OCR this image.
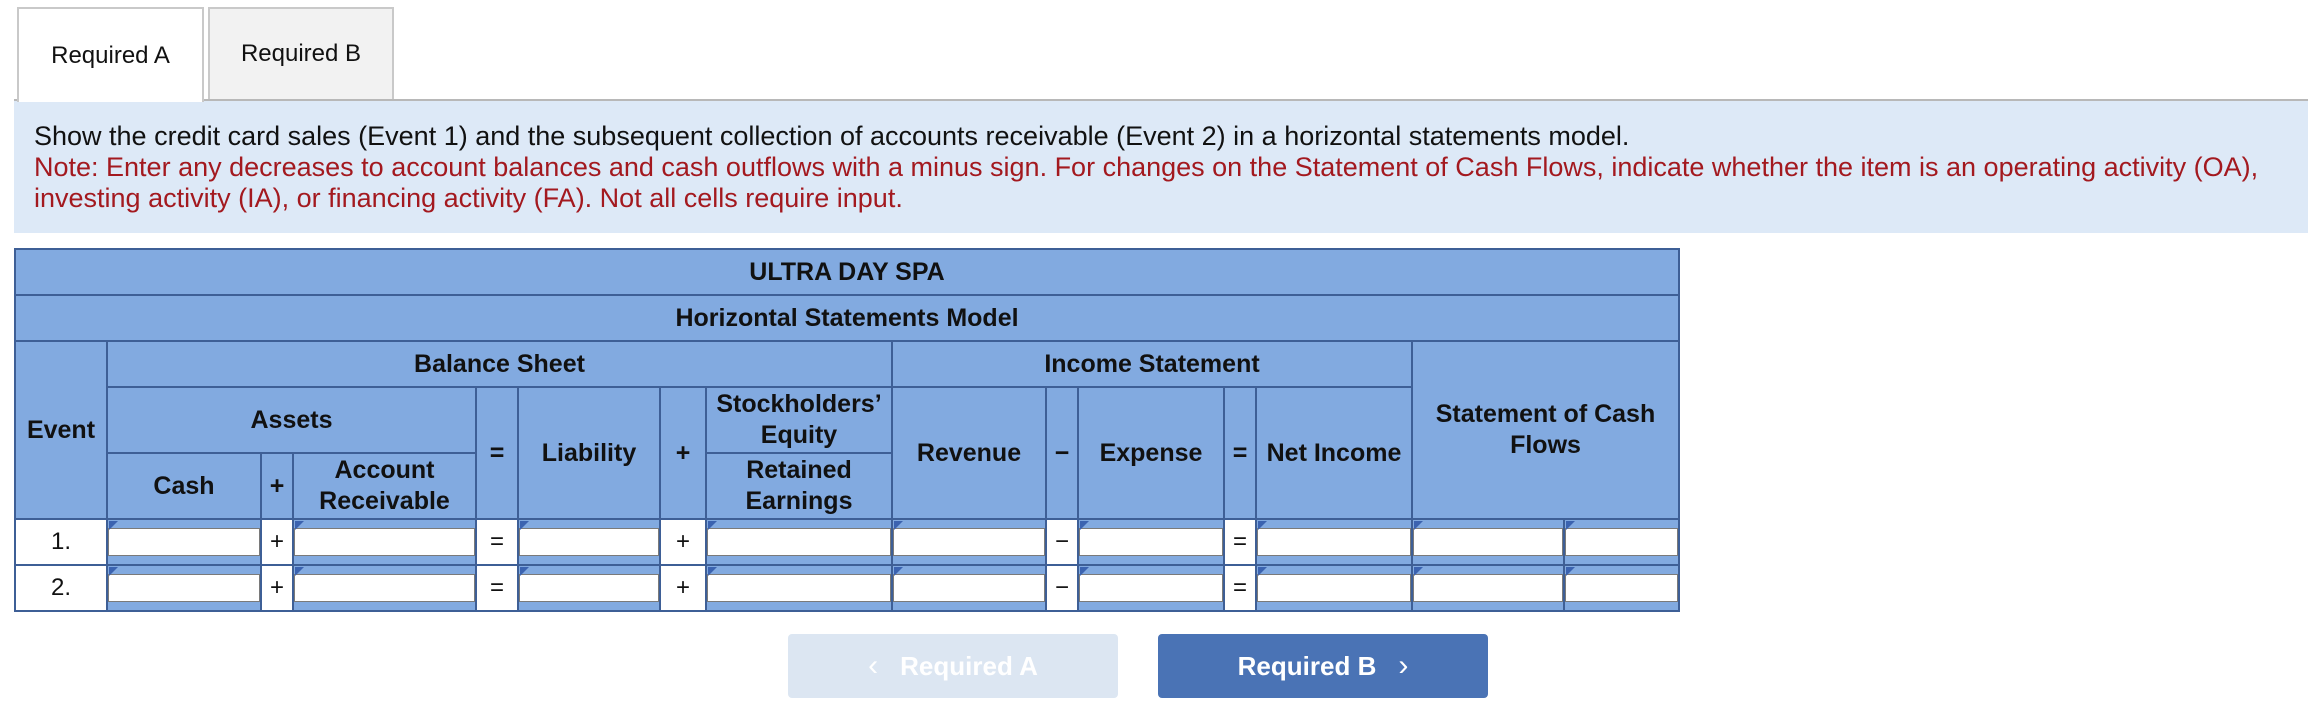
Required A	Required B
Show the credit card sales (Event 1) and the subsequent collection of accounts receivable (Event 2) in a horizontal statements model.
Note: Enter any decreases to account balances and cash outflows with a minus sign. For changes on the Statement of Cash Flows, indicate whether the item is an operating activity (OA), investing activity (IA), or financing activity (FA). Not all cells require input.
ULTRA DAY SPA														
Horizontal Statements Model														
Event	Balance Sheet							Income Statement					Statement of Cash Flows	
	Assets			=	Liability	+	Stockholders’ Equity	Revenue	−	Expense	=	Net Income		
	Cash	+	Account Receivable				Retained Earnings							

1.		+		=		+			−		=	

2.		+		=		+			−		=	

‹ Required A	Required B ›
